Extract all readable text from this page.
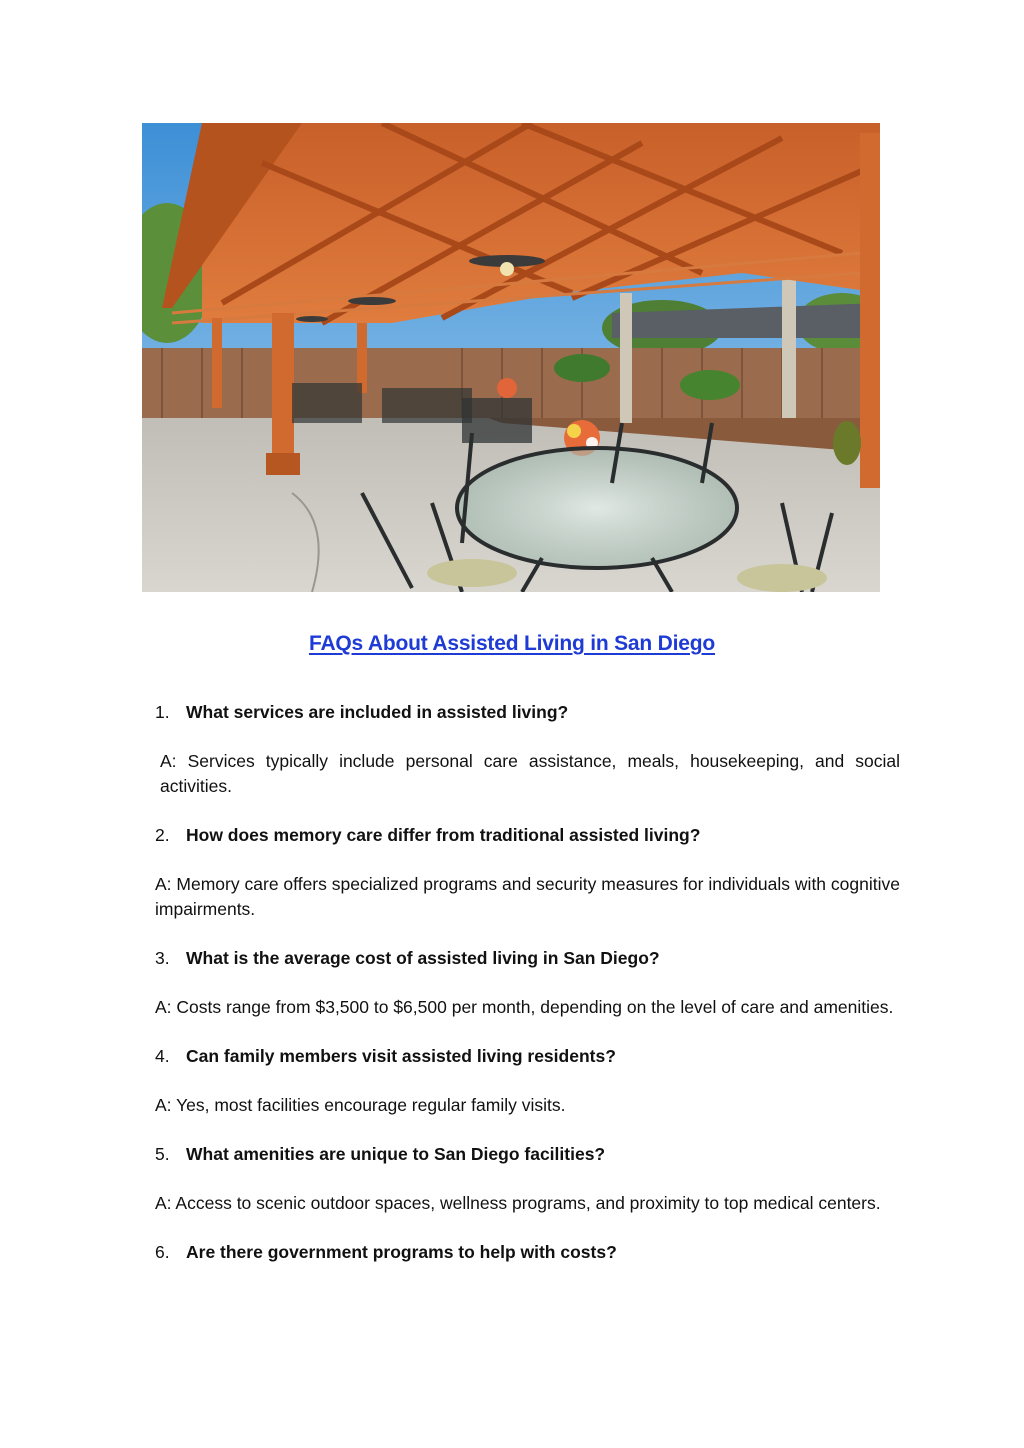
FAQs About Assisted Living in San Diego
1. What services are included in assisted living?
A: Services typically include personal care assistance, meals, housekeeping, and social activities.
2. How does memory care differ from traditional assisted living?
A: Memory care offers specialized programs and security measures for individuals with cognitive impairments.
3. What is the average cost of assisted living in San Diego?
A: Costs range from $3,500 to $6,500 per month, depending on the level of care and amenities.
4. Can family members visit assisted living residents?
A: Yes, most facilities encourage regular family visits.
5. What amenities are unique to San Diego facilities?
A: Access to scenic outdoor spaces, wellness programs, and proximity to top medical centers.
6. Are there government programs to help with costs?
